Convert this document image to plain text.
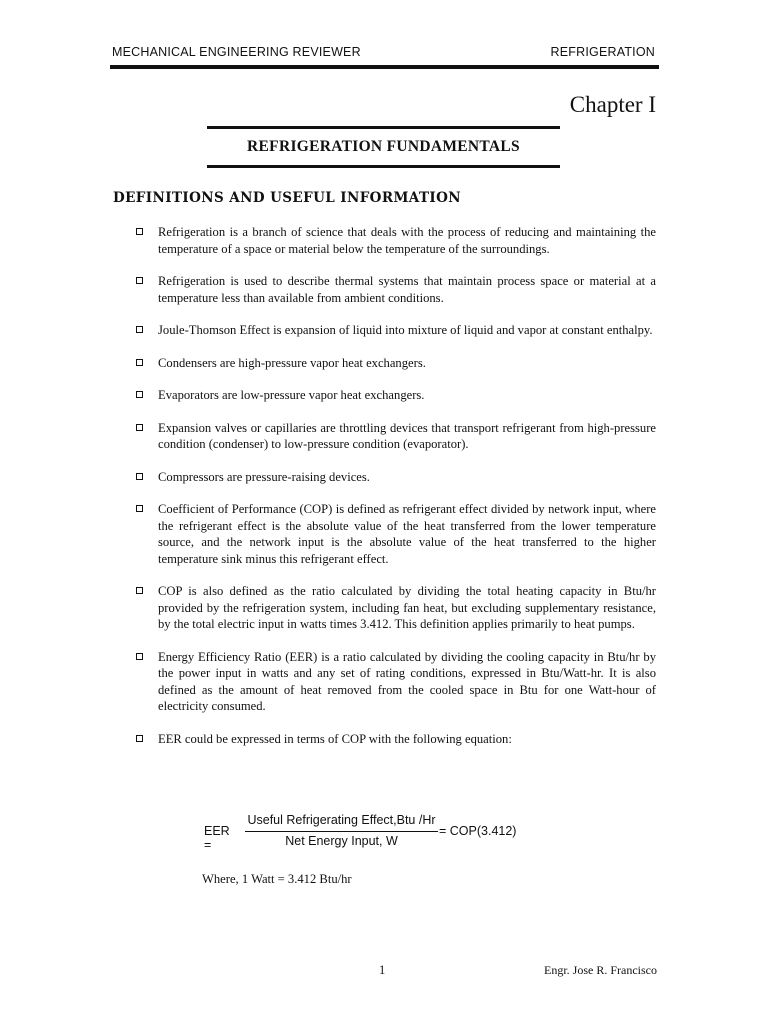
MECHANICAL ENGINEERING REVIEWER	REFRIGERATION
Chapter I
REFRIGERATION FUNDAMENTALS
DEFINITIONS AND USEFUL INFORMATION
Refrigeration is a branch of science that deals with the process of reducing and maintaining the temperature of a space or material below the temperature of the surroundings.
Refrigeration is used to describe thermal systems that maintain process space or material at a temperature less than available from ambient conditions.
Joule-Thomson Effect is expansion of liquid into mixture of liquid and vapor at constant enthalpy.
Condensers are high-pressure vapor heat exchangers.
Evaporators are low-pressure vapor heat exchangers.
Expansion valves or capillaries are throttling devices that transport refrigerant from high-pressure condition (condenser) to low-pressure condition (evaporator).
Compressors are pressure-raising devices.
Coefficient of Performance (COP) is defined as refrigerant effect divided by network input, where the refrigerant effect is the absolute value of the heat transferred from the lower temperature source, and the network input is the absolute value of the heat transferred to the higher temperature sink minus this refrigerant effect.
COP is also defined as the ratio calculated by dividing the total heating capacity in Btu/hr provided by the refrigeration system, including fan heat, but excluding supplementary resistance, by the total electric input in watts times 3.412. This definition applies primarily to heat pumps.
Energy Efficiency Ratio (EER) is a ratio calculated by dividing the cooling capacity in Btu/hr by the power input in watts and any set of rating conditions, expressed in Btu/Watt-hr. It is also defined as the amount of heat removed from the cooled space in Btu for one Watt-hour of electricity consumed.
EER could be expressed in terms of COP with the following equation:
EER =
Useful Refrigerating Effect,Btu /Hr
Net Energy Input, W
= COP(3.412)
Where, 1 Watt = 3.412 Btu/hr
1	Engr. Jose R. Francisco
